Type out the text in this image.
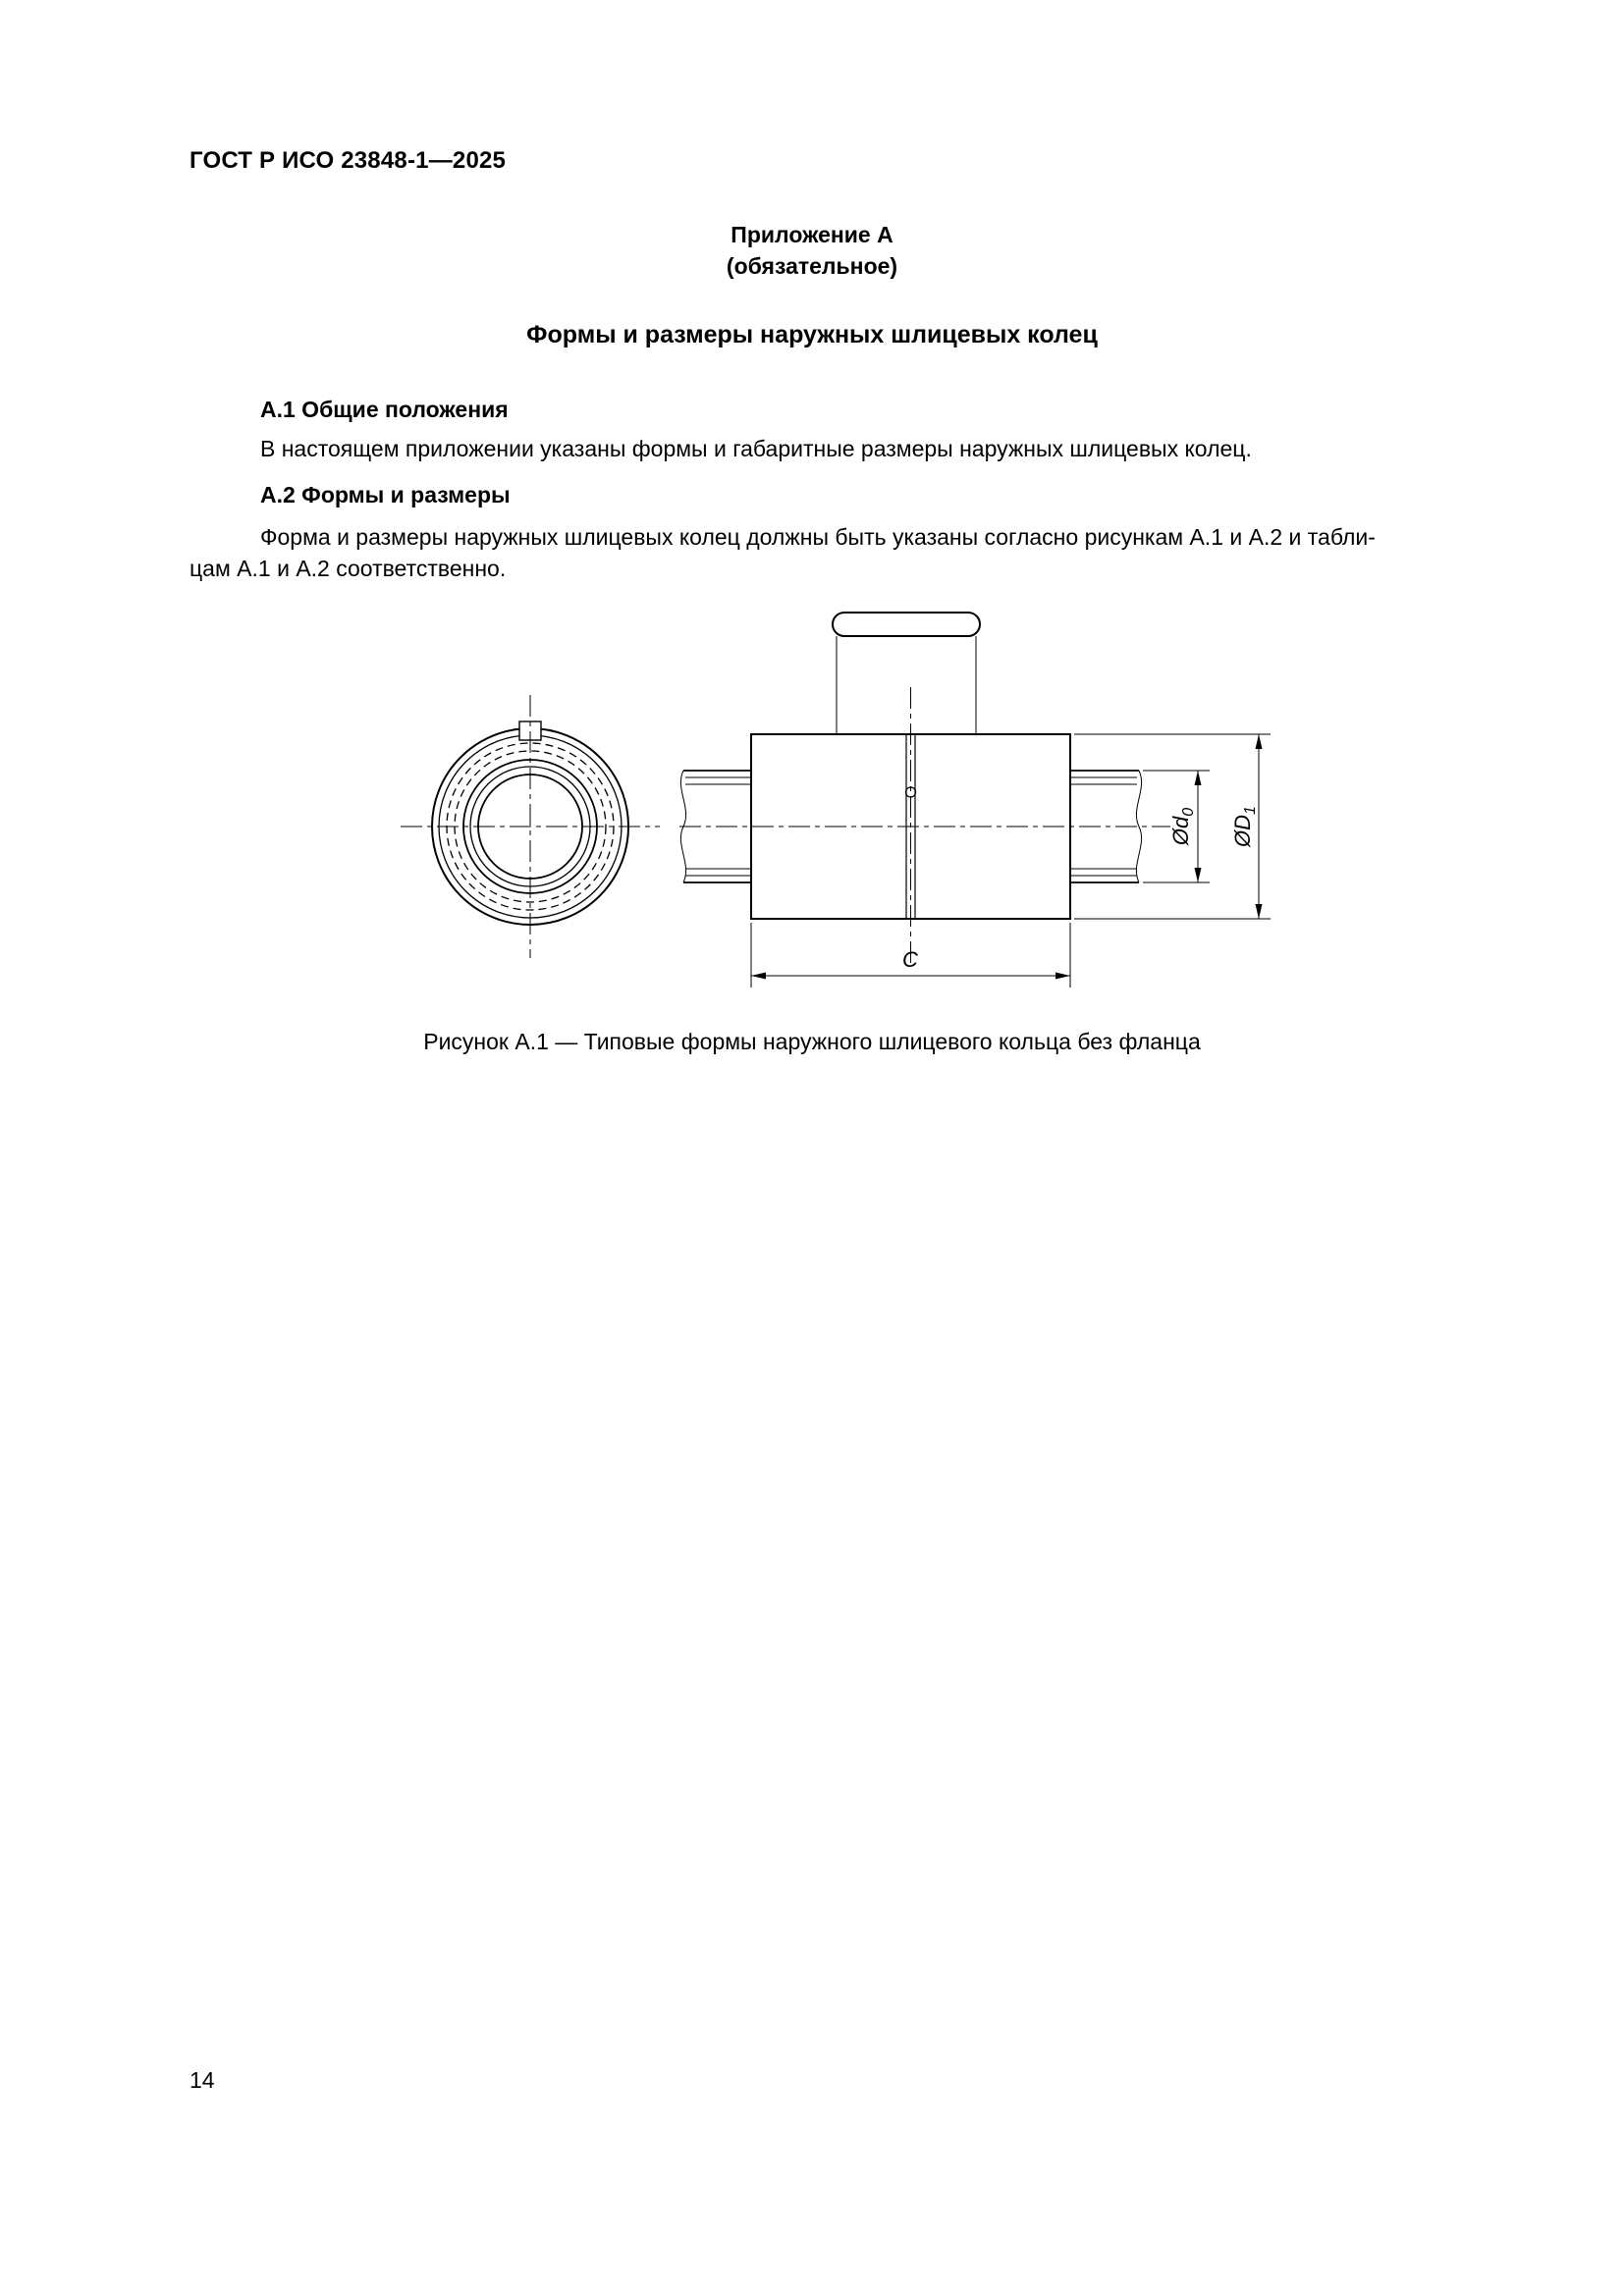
ГОСТ Р ИСО 23848-1—2025
Приложение А
(обязательное)
Формы и размеры наружных шлицевых колец
А.1 Общие положения
В настоящем приложении указаны формы и габаритные размеры наружных шлицевых колец.
А.2 Формы и размеры
Форма и размеры наружных шлицевых колец должны быть указаны согласно рисункам А.1 и А.2 и табли-
цам А.1 и А.2 соответственно.
$Ød_0$
$ØD_1$
C
Рисунок А.1 — Типовые формы наружного шлицевого кольца без фланца
14
